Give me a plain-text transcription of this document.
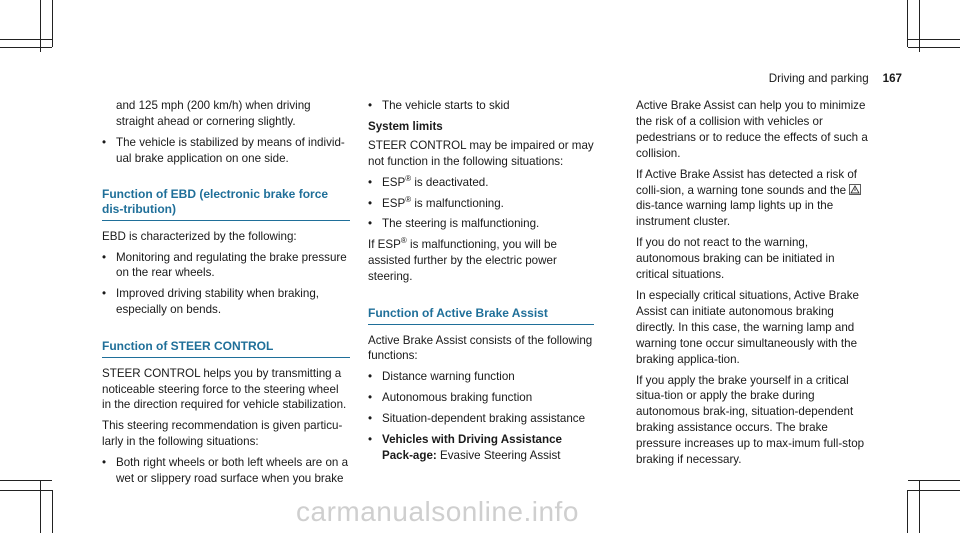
Driving and parking 167

and 125 mph (200 km/h) when driving straight ahead or cornering slightly.

• The vehicle is stabilized by means of individ-ual brake application on one side.
Function of EBD (electronic brake force dis-tribution)

EBD is characterized by the following:

• Monitoring and regulating the brake pressure on the rear wheels.
• Improved driving stability when braking, especially on bends.
Function of STEER CONTROL

STEER CONTROL helps you by transmitting a noticeable steering force to the steering wheel in the direction required for vehicle stabilization.

This steering recommendation is given particu-larly in the following situations:

• Both right wheels or both left wheels are on a wet or slippery road surface when you brake
• The vehicle starts to skid

System limits

STEER CONTROL may be impaired or may not function in the following situations:

• ESP® is deactivated.
• ESP® is malfunctioning.
• The steering is malfunctioning.

If ESP® is malfunctioning, you will be assisted further by the electric power steering.

Function of Active Brake Assist

Active Brake Assist consists of the following functions:

• Distance warning function
• Autonomous braking function
• Situation-dependent braking assistance
• Vehicles with Driving Assistance Pack-age: Evasive Steering Assist

Active Brake Assist can help you to minimize the risk of a collision with vehicles or pedestrians or to reduce the effects of such a collision.

If Active Brake Assist has detected a risk of colli-sion, a warning tone sounds and the  dis-tance warning lamp lights up in the instrument cluster.

If you do not react to the warning, autonomous braking can be initiated in critical situations.

In especially critical situations, Active Brake Assist can initiate autonomous braking directly. In this case, the warning lamp and warning tone occur simultaneously with the braking applica-tion.

If you apply the brake yourself in a critical situa-tion or apply the brake during autonomous brak-ing, situation-dependent braking assistance occurs. The brake pressure increases up to max-imum full-stop braking if necessary.

carmanualsonline.info
